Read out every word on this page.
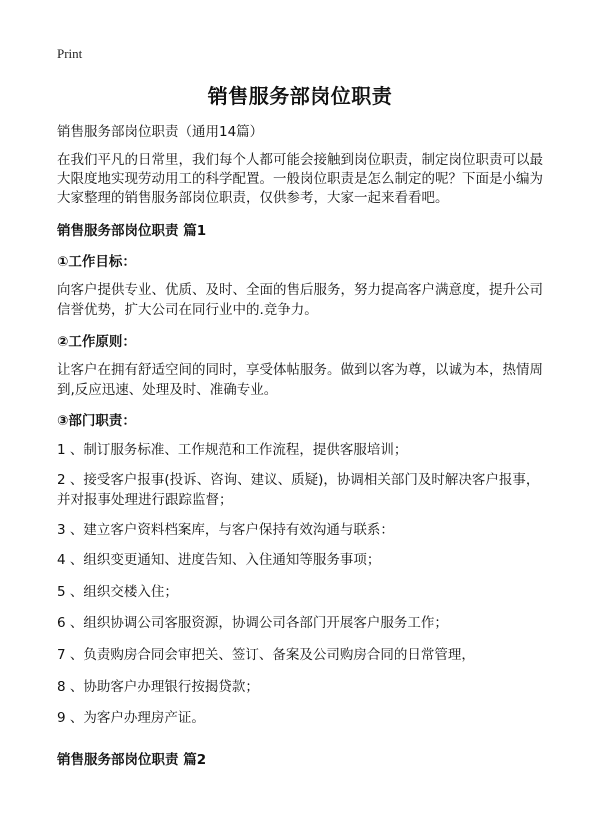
Print
销售服务部岗位职责
销售服务部岗位职责（通用14篇）
在我们平凡的日常里，我们每个人都可能会接触到岗位职责，制定岗位职责可以最大限度地实现劳动用工的科学配置。一般岗位职责是怎么制定的呢？下面是小编为大家整理的销售服务部岗位职责，仅供参考，大家一起来看看吧。
销售服务部岗位职责 篇1
①工作目标：
向客户提供专业、优质、及时、全面的售后服务，努力提高客户满意度，提升公司信誉优势，扩大公司在同行业中的.竞争力。
②工作原则：
让客户在拥有舒适空间的同时，享受体帖服务。做到以客为尊，以诚为本，热情周到,反应迅速、处理及时、准确专业。
③部门职责：
1 、制订服务标准、工作规范和工作流程，提供客服培训；
2 、接受客户报事(投诉、咨询、建议、质疑)，协调相关部门及时解决客户报事，并对报事处理进行跟踪监督；
3 、建立客户资料档案库，与客户保持有效沟通与联系：
4 、组织变更通知、进度告知、入住通知等服务事项；
5 、组织交楼入住；
6 、组织协调公司客服资源，协调公司各部门开展客户服务工作；
7 、负责购房合同会审把关、签订、备案及公司购房合同的日常管理，
8 、协助客户办理银行按揭贷款；
9 、为客户办理房产证。
销售服务部岗位职责 篇2
